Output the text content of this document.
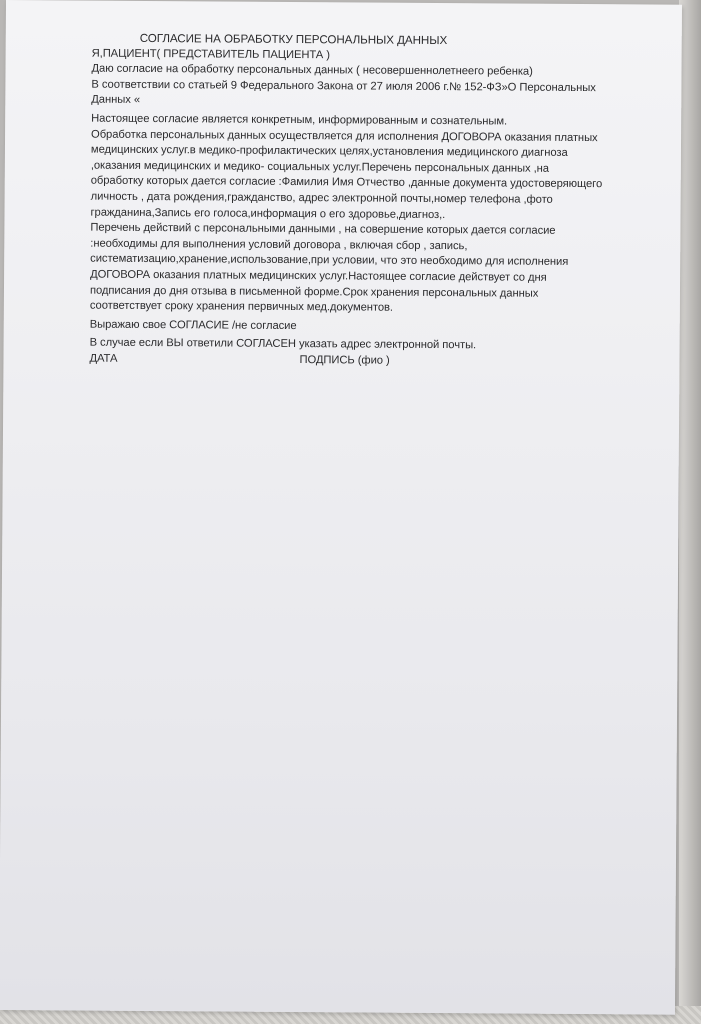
СОГЛАСИЕ НА ОБРАБОТКУ ПЕРСОНАЛЬНЫХ ДАННЫХ
Я,ПАЦИЕНТ( ПРЕДСТАВИТЕЛЬ ПАЦИЕНТА )
Даю согласие на обработку персональных данных ( несовершеннолетнеего ребенка)
В соответствии со статьей 9 Федерального Закона от 27 июля 2006 г.№ 152-ФЗ»О Персональных
Данных «
Настоящее согласие является конкретным, информированным и сознательным.
Обработка персональных данных осуществляется для исполнения ДОГОВОРА оказания платных
медицинских услуг.в медико-профилактических целях,установления медицинского диагноза
,оказания медицинских и медико- социальных услуг.Перечень персональных данных ,на
обработку которых дается согласие :Фамилия Имя Отчество ,данные документа удостоверяющего
личность , дата рождения,гражданство, адрес электронной почты,номер телефона ,фото
гражданина,Запись его голоса,информация о его здоровье,диагноз,.
Перечень действий с персональными данными , на совершение которых дается согласие
:необходимы для выполнения условий договора , включая сбор , запись,
систематизацию,хранение,использование,при условии, что это необходимо для исполнения
ДОГОВОРА оказания платных медицинских услуг.Настоящее согласие действует со дня
подписания до дня отзыва в письменной форме.Срок хранения персональных данных
соответствует сроку хранения первичных мед.документов.
Выражаю свое СОГЛАСИЕ /не согласие
В случае если ВЫ ответили СОГЛАСЕН указать адрес электронной почты.
ДАТА	ПОДПИСЬ (фио )
